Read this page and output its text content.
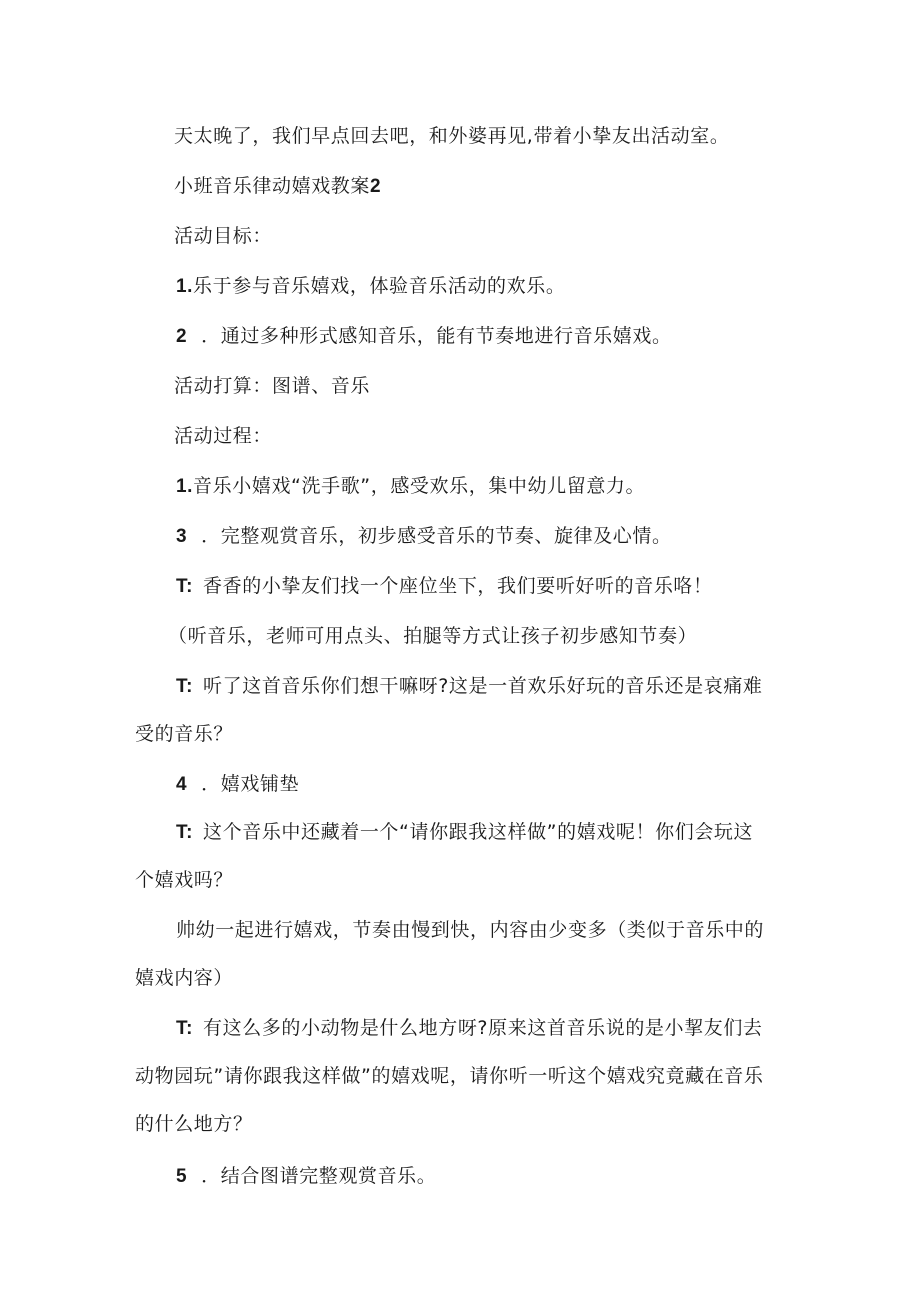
天太晚了，我们早点回去吧，和外婆再见,带着小挚友出活动室。
小班音乐律动嬉戏教案2
活动目标：
1.乐于参与音乐嬉戏，体验音乐活动的欢乐。
2 ．通过多种形式感知音乐，能有节奏地进行音乐嬉戏。
活动打算：图谱、音乐
活动过程：
1.音乐小嬉戏“洗手歌”，感受欢乐，集中幼儿留意力。
3 ．完整观赏音乐，初步感受音乐的节奏、旋律及心情。
T: 香香的小挚友们找一个座位坐下，我们要听好听的音乐咯！
（听音乐，老师可用点头、拍腿等方式让孩子初步感知节奏）
T: 听了这首音乐你们想干嘛呀?这是一首欢乐好玩的音乐还是哀痛难
受的音乐？
4 ．嬉戏铺垫
T: 这个音乐中还藏着一个“请你跟我这样做”的嬉戏呢！你们会玩这
个嬉戏吗？
帅幼一起进行嬉戏，节奏由慢到快，内容由少变多（类似于音乐中的
嬉戏内容）
T: 有这么多的小动物是什么地方呀?原来这首音乐说的是小挈友们去
动物园玩”请你跟我这样做”的嬉戏呢，请你听一听这个嬉戏究竟藏在音乐
的什么地方？
5 ．结合图谱完整观赏音乐。
